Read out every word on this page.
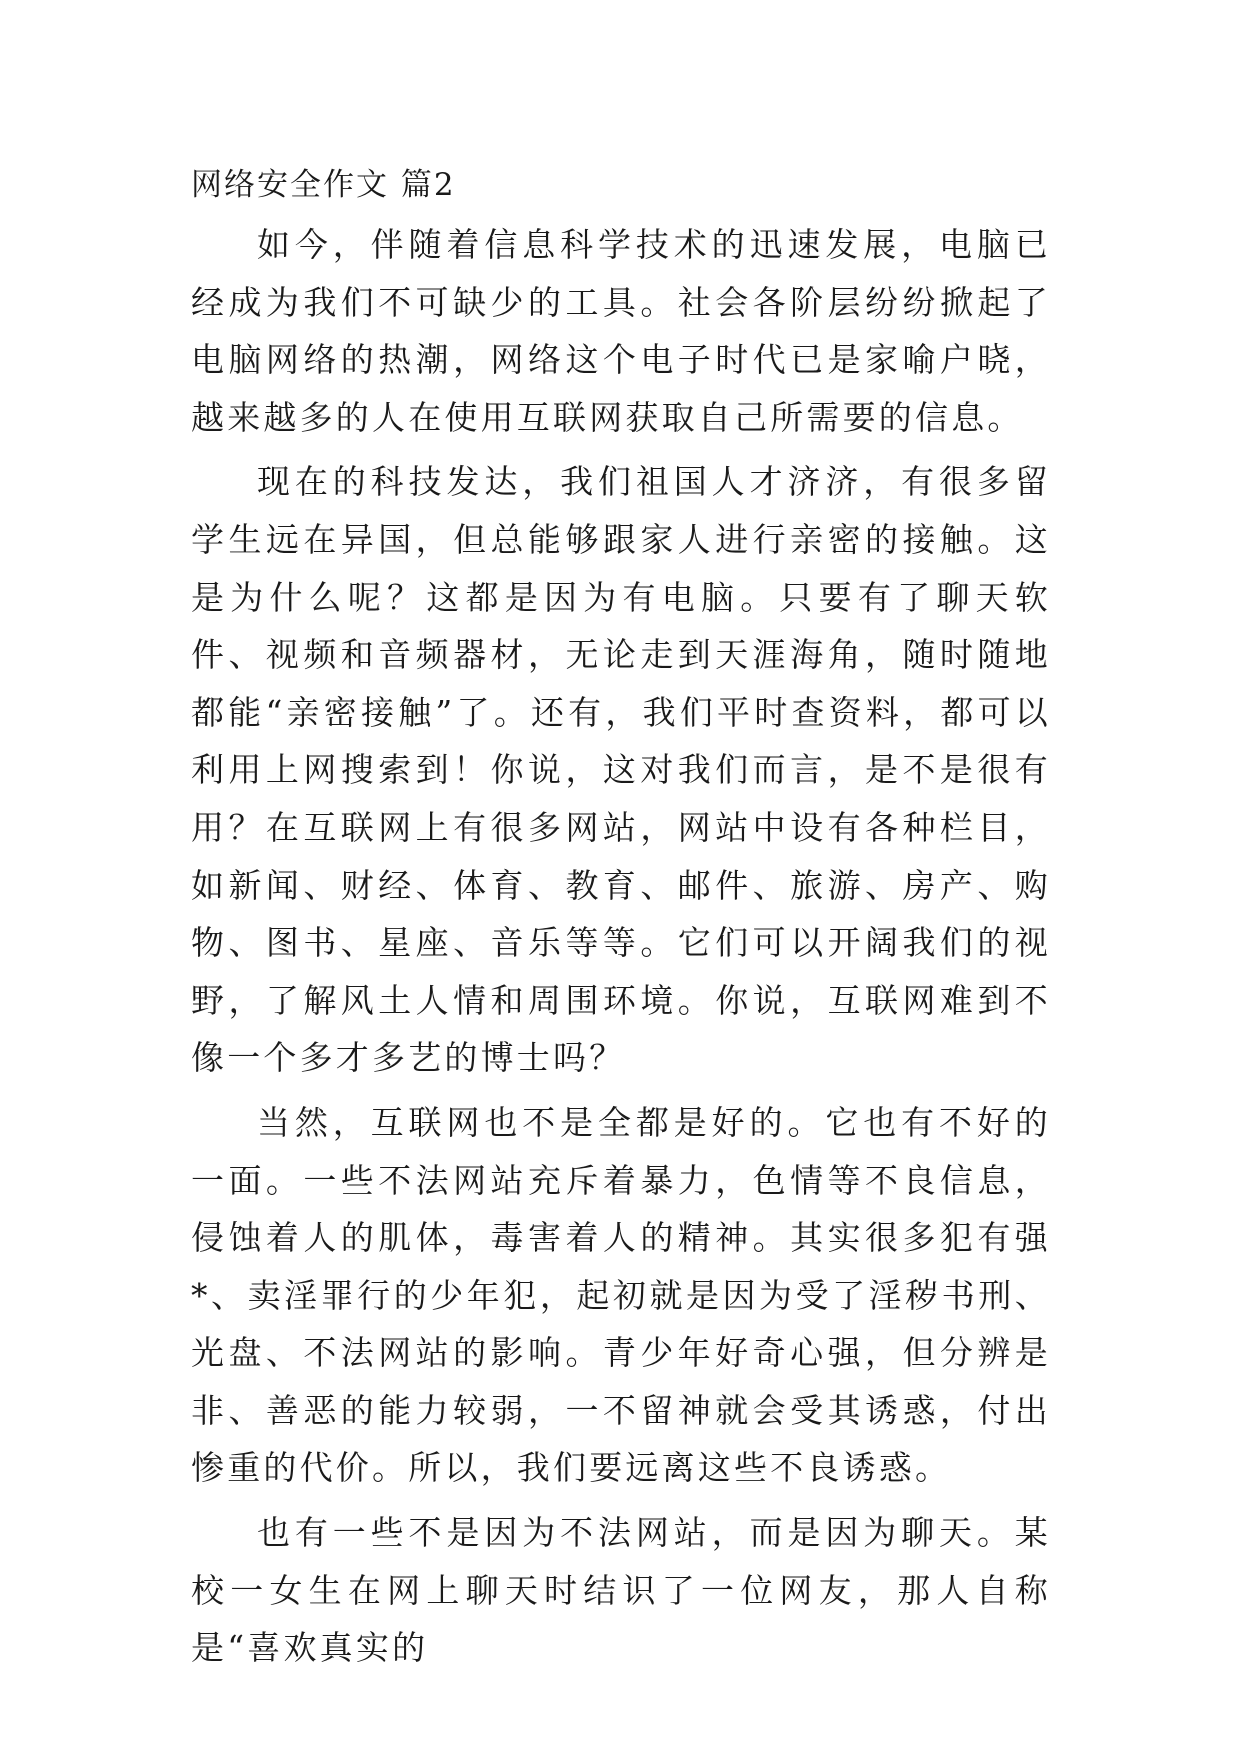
网络安全作文 篇2

如今，伴随着信息科学技术的迅速发展，电脑已经成为我们不可缺少的工具。社会各阶层纷纷掀起了电脑网络的热潮，网络这个电子时代已是家喻户晓，越来越多的人在使用互联网获取自己所需要的信息。

现在的科技发达，我们祖国人才济济，有很多留学生远在异国，但总能够跟家人进行亲密的接触。这是为什么呢？这都是因为有电脑。只要有了聊天软件、视频和音频器材，无论走到天涯海角，随时随地都能“亲密接触”了。还有，我们平时查资料，都可以利用上网搜索到！你说，这对我们而言，是不是很有用？在互联网上有很多网站，网站中设有各种栏目，如新闻、财经、体育、教育、邮件、旅游、房产、购物、图书、星座、音乐等等。它们可以开阔我们的视野，了解风土人情和周围环境。你说，互联网难到不像一个多才多艺的博士吗？

当然，互联网也不是全都是好的。它也有不好的一面。一些不法网站充斥着暴力，色情等不良信息，侵蚀着人的肌体，毒害着人的精神。其实很多犯有强*、卖淫罪行的少年犯，起初就是因为受了淫秽书刑、光盘、不法网站的影响。青少年好奇心强，但分辨是非、善恶的能力较弱，一不留神就会受其诱惑，付出惨重的代价。所以，我们要远离这些不良诱惑。

也有一些不是因为不法网站，而是因为聊天。某校一女生在网上聊天时结识了一位网友，那人自称是“喜欢真实的
